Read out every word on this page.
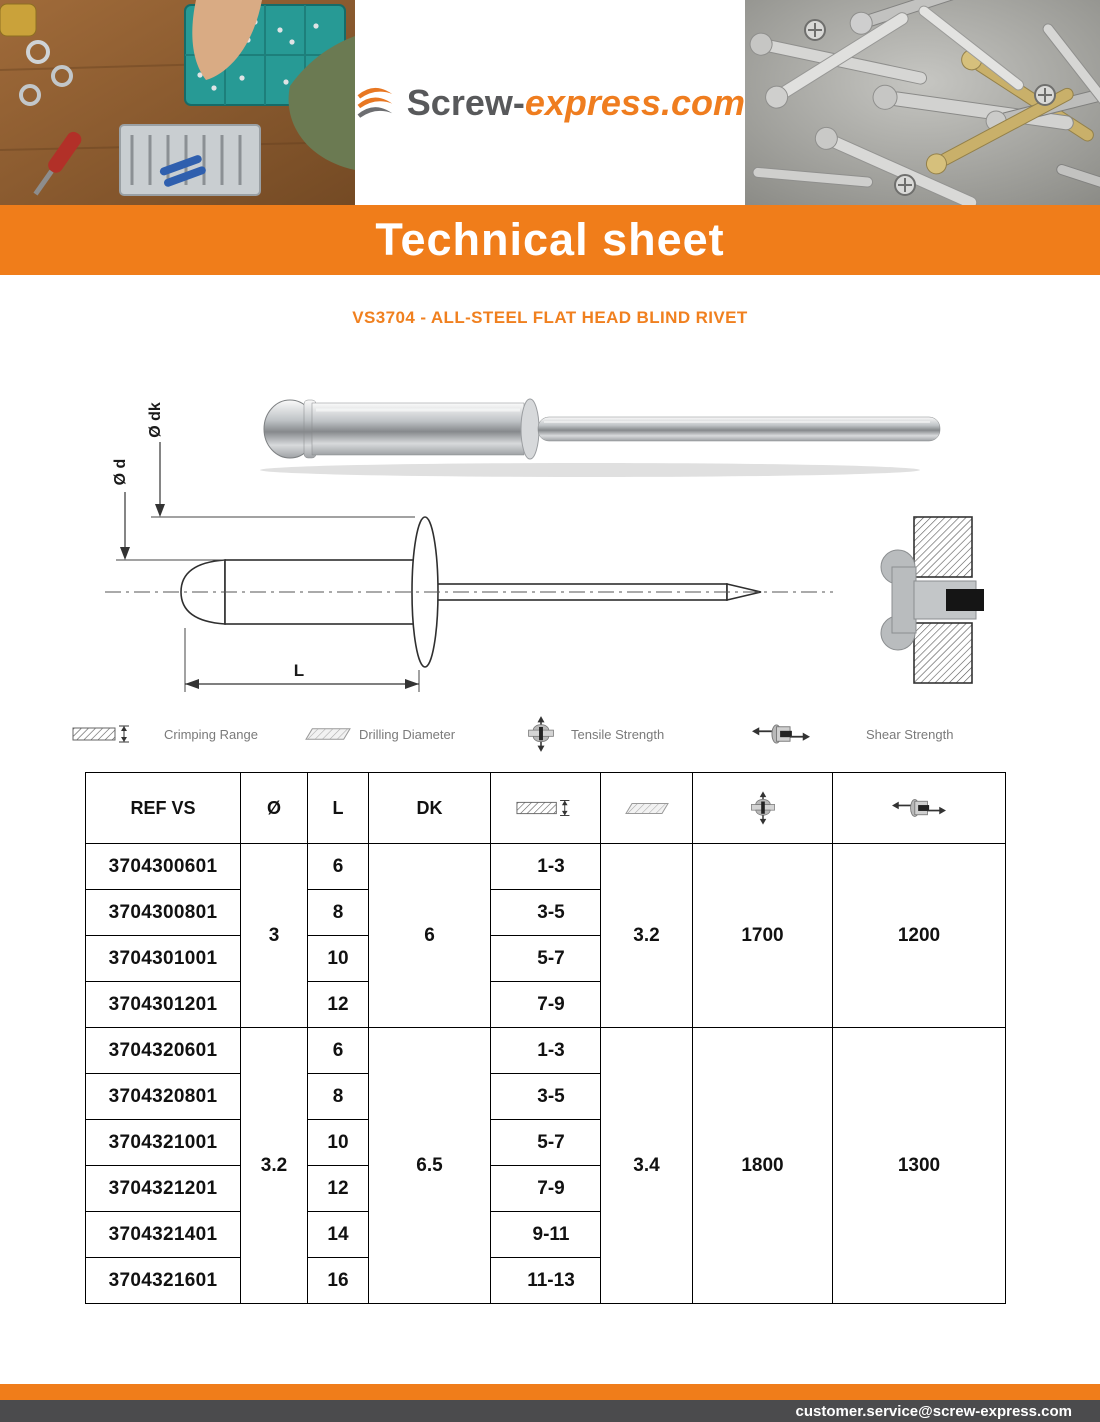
Screw-express.com
Technical sheet
VS3704 - ALL-STEEL FLAT HEAD BLIND RIVET
Ø dk
Ø d
L
Crimping Range	Drilling Diameter	Tensile Strength	Shear Strength
REF VS	Ø	L	DK	

3704300601	3	6	6	1-3	3.2	1700	1200
3704300801		8		3-5			
3704301001		10		5-7			
3704301201		12		7-9			
3704320601	3.2	6	6.5	1-3	3.4	1800	1300
3704320801		8		3-5			
3704321001		10		5-7			
3704321201		12		7-9			
3704321401		14		9-11			
3704321601		16		11-13			
customer.service@screw-express.com
